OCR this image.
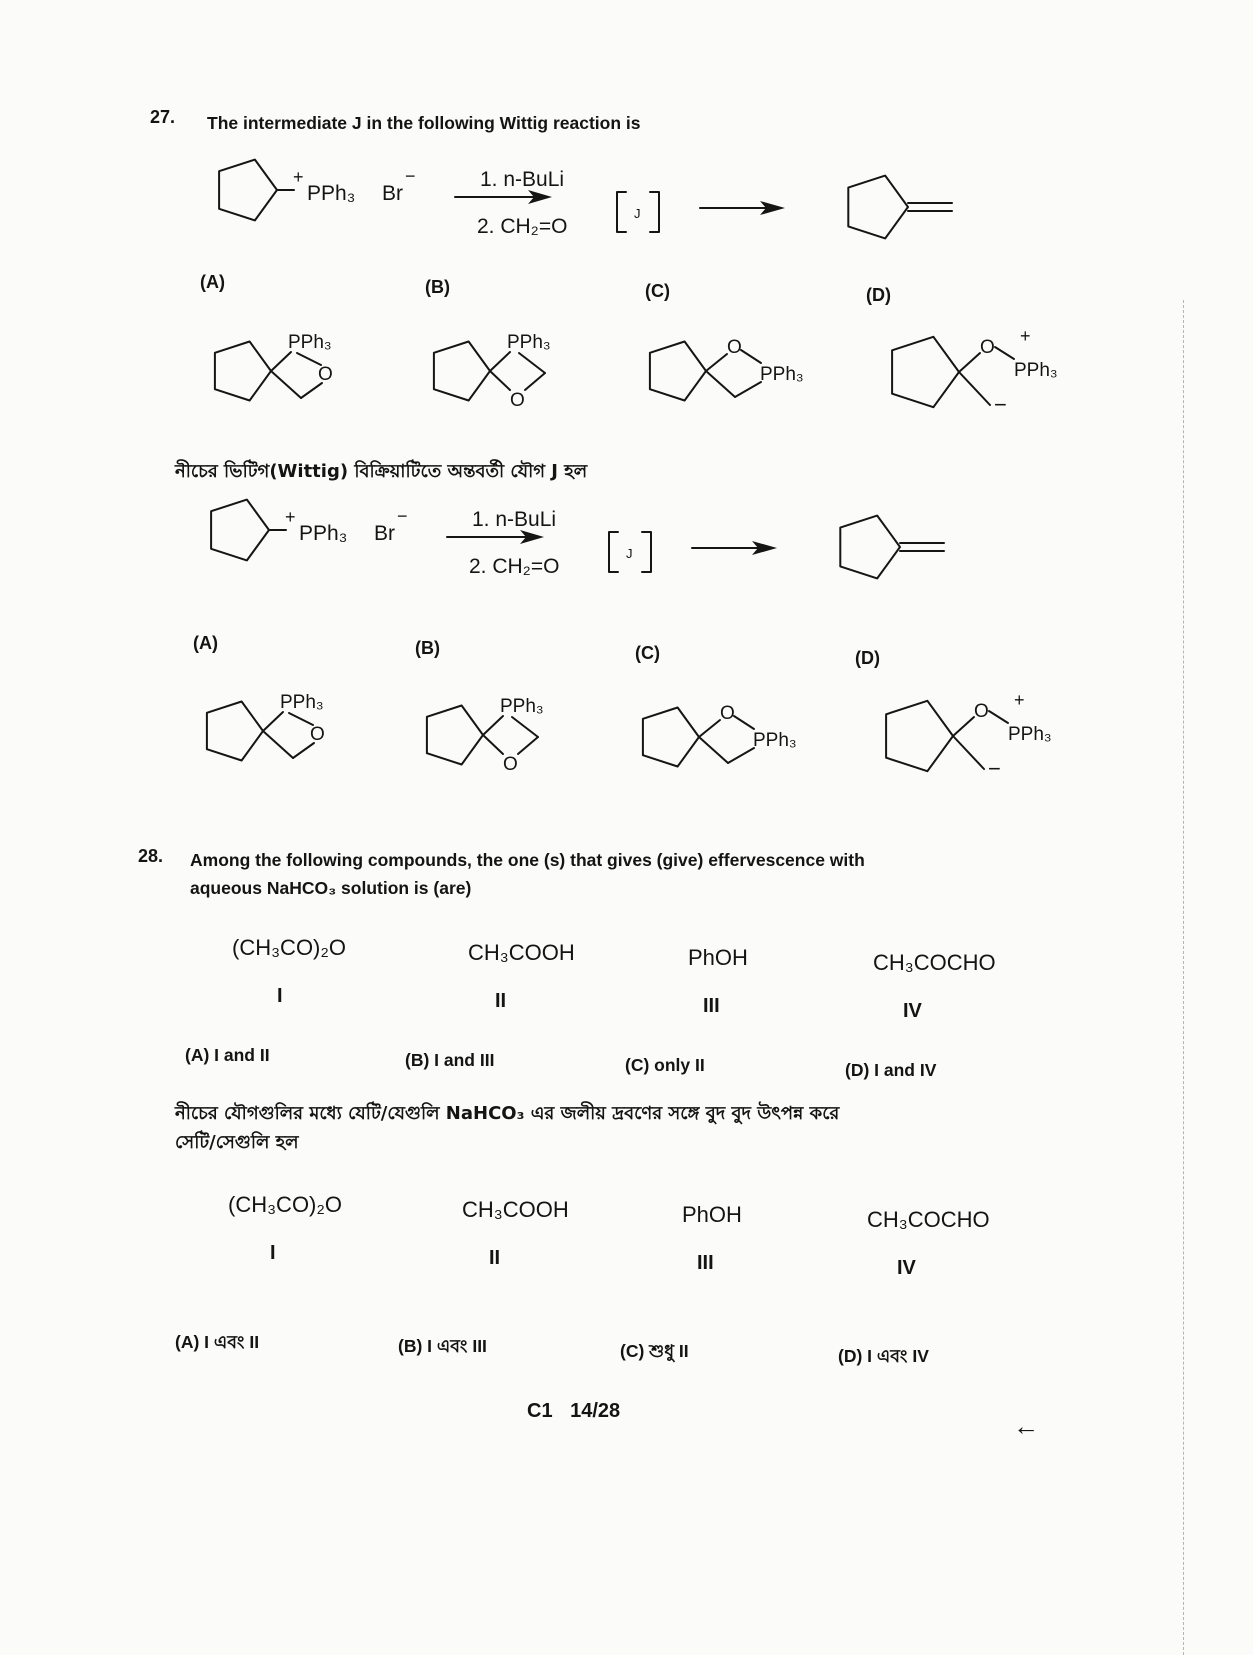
27. The intermediate J in the following Wittig reaction is
+
PPh₃ Br
−	1. n-BuLi
2. CH₂=O
J
(A)	(B)	(C)	(D)
PPh₃
O
PPh₃
O
O
PPh₃
O
+
PPh₃
−
নীচের ভিটিগ(Wittig) বিক্রিয়াটিতে অন্তবর্তী যৌগ J হল
+
PPh₃ Br
−	1. n-BuLi
2. CH₂=O
J
(A)	(B)	(C)	(D)
PPh₃
O
PPh₃
O
O
PPh₃
O
+
PPh₃
−
28. Among the following compounds, the one (s) that gives (give) effervescence with
aqueous NaHCO₃ solution is (are)
(CH₃CO)₂O	CH₃COOH	PhOH	CH₃COCHO
I	II	III	IV
(A) I and II	(B) I and III	(C) only II	(D) I and IV
নীচের যৌগগুলির মধ্যে যেটি/যেগুলি NaHCO₃ এর জলীয় দ্রবণের সঙ্গে বুদ বুদ উৎপন্ন করে
সেটি/সেগুলি হল
(CH₃CO)₂O	CH₃COOH	PhOH	CH₃COCHO
I	II	III	IV
(A) I এবং II	(B) I এবং III	(C) শুধু II	(D) I এবং IV
C1 14/28	←
